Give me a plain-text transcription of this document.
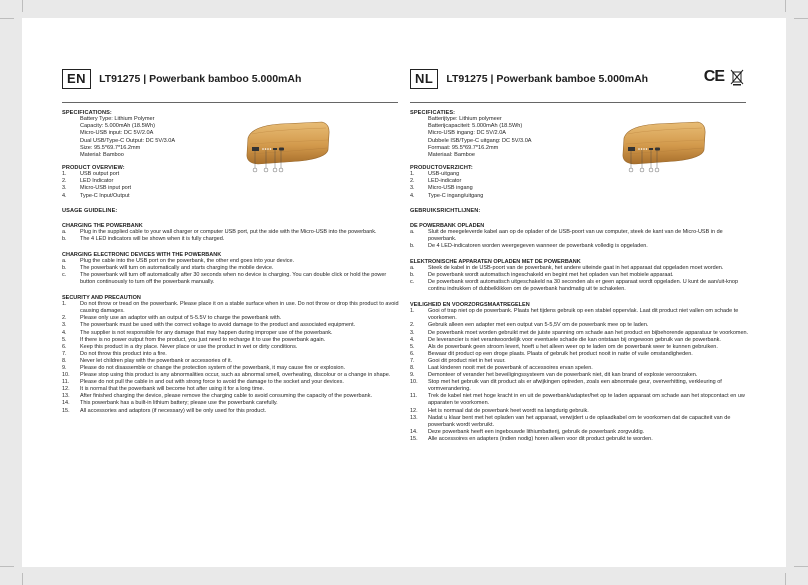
EN	LT91275 | Powerbank bamboo 5.000mAh
SPECIFICATIONS:
Battery Type: Lithium Polymer
Capacity: 5.000mAh (18.5Wh)
Micro-USB input: DC 5V/2.0A
Dual USB/Type-C Output: DC 5V/3.0A
Size: 95.5*69.7*16.2mm
Material: Bamboo
PRODUCT OVERVIEW:
1.	USB output port
2.	LED Indicator
3.	Micro-USB input port
4.	Type-C Input/Output
USAGE GUIDELINE:
CHARGING THE POWERBANK
a.	Plug in the supplied cable to your wall charger or computer USB port, put the side with the Micro-USB into the powerbank.
b.	The 4 LED indicators will be shown when it is fully charged.
CHARGING ELECTRONIC DEVICES WITH THE POWERBANK
a.	Plug the cable into the USB port on the powerbank, the other end goes into your device.
b.	The powerbank will turn on automatically and starts charging the mobile device.
c.	The powerbank will turn off automatically after 30 seconds when no device is charging. You can double click or hold the power button continuously to turn off the powerbank manually.
SECURITY AND PRECAUTION
1.	Do not throw or tread on the powerbank. Please place it on a stable surface when in use. Do not throw or drop this product to avoid causing damages.
2.	Please only use an adaptor with an output of 5-5.5V to charge the powerbank with.
3.	The powerbank must be used with the correct voltage to avoid damage to the product and associated equipment.
4.	The supplier is not responsible for any damage that may happen during improper use of the powerbank.
5.	If there is no power output from the product, you just need to recharge it to use the powerbank again.
6.	Keep this product in a dry place. Never place or use the product in wet or dirty conditions.
7.	Do not throw this product into a fire.
8.	Never let children play with the powerbank or accessories of it.
9.	Please do not disassemble or change the protection system of the powerbank, it may cause fire or explosion.
10.	Please stop using this product is any abnormalities occur, such as abnormal smell, overheating, discolour or a change in shape.
11.	Please do not pull the cable in and out with strong force to avoid the damage to the socket and your devices.
12.	It is normal that the powerbank will become hot after using it for a long time.
13.	After finished charging the device, please remove the charging cable to avoid consuming the capacity of the powerbank.
14.	This powerbank has a built-in lithium battery; please use the powerbank carefully.
15.	All accessories and adaptors (if necessary) will be only used for this product.
NL	LT91275 | Powerbank bamboe 5.000mAh
SPECIFICATIES:
Batterijtype: Lithium polymeer
Batterijcapaciteit: 5.000mAh (18.5Wh)
Micro-USB ingang: DC 5V/2.0A
Dubbele ISB/Type-C uitgang: DC 5V/3.0A
Formaat: 95.5*69.7*16.2mm
Materiaal: Bamboe
PRODUCTOVERZICHT:
1.	USB-uitgang
2.	LED-indicator
3.	Micro-USB ingang
4.	Type-C ingang/uitgang
GEBRUIKSRICHTLIJNEN:
DE POWERBANK OPLADEN
a.	Sluit de meegeleverde kabel aan op de oplader of de USB-poort van uw computer, steek de kant van de Micro-USB in de powerbank.
b.	De 4 LED-indicatoren worden weergegeven wanneer de powerbank volledig is opgeladen.
ELEKTRONISCHE APPARATEN OPLADEN MET DE POWERBANK
a.	Steek de kabel in de USB-poort van de powerbank, het andere uiteinde gaat in het apparaat dat opgeladen moet worden.
b.	De powerbank wordt automatisch ingeschakeld en begint met het opladen van het mobiele apparaat.
c.	De powerbank wordt automatisch uitgeschakeld na 30 seconden als er geen apparaat wordt opgeladen. U kunt de aan/uit-knop continu indrukken of dubbelklikken om de powerbank handmatig uit te schakelen.
VEILIGHEID EN VOORZORGSMAATREGELEN
1.	Gooi of trap niet op de powerbank. Plaats het tijdens gebruik op een stabiel oppervlak. Laat dit product niet vallen om schade te voorkomen.
2.	Gebruik alleen een adapter met een output van 5-5,5V om de powerbank mee op te laden.
3.	De powerbank moet worden gebruikt met de juiste spanning om schade aan het product en bijbehorende apparatuur te voorkomen.
4.	De leverancier is niet verantwoordelijk voor eventuele schade die kan ontstaan bij ongewoon gebruik van de powerbank.
5.	Als de powerbank geen stroom levert, hoeft u het alleen weer op te laden om de powerbank weer te kunnen gebruiken.
6.	Bewaar dit product op een droge plaats. Plaats of gebruik het product nooit in natte of vuile omstandigheden.
7.	Gooi dit product niet in het vuur.
8.	Laat kinderen nooit met de powerbank of accessoires ervan spelen.
9.	Demonteer of verander het beveiligingssysteem van de powerbank niet, dit kan brand of explosie veroorzaken.
10.	Stop met het gebruik van dit product als er afwijkingen optreden, zoals een abnormale geur, oververhitting, verkleuring of vormverandering.
11.	Trek de kabel niet met hoge kracht in en uit de powerbank/adapter/het op te laden apparaat om schade aan het stopcontact en uw apparaten te voorkomen.
12.	Het is normaal dat de powerbank heet wordt na langdurig gebruik.
13.	Nadat u klaar bent met het opladen van het apparaat, verwijdert u de oplaadkabel om te voorkomen dat de capaciteit van de powerbank wordt verbruikt.
14.	Deze powerbank heeft een ingebouwde lithiumbatterij, gebruik de powerbank zorgvuldig.
15.	Alle accessoires en adapters (indien nodig) horen alleen voor dit product gebruikt te worden.
CE
